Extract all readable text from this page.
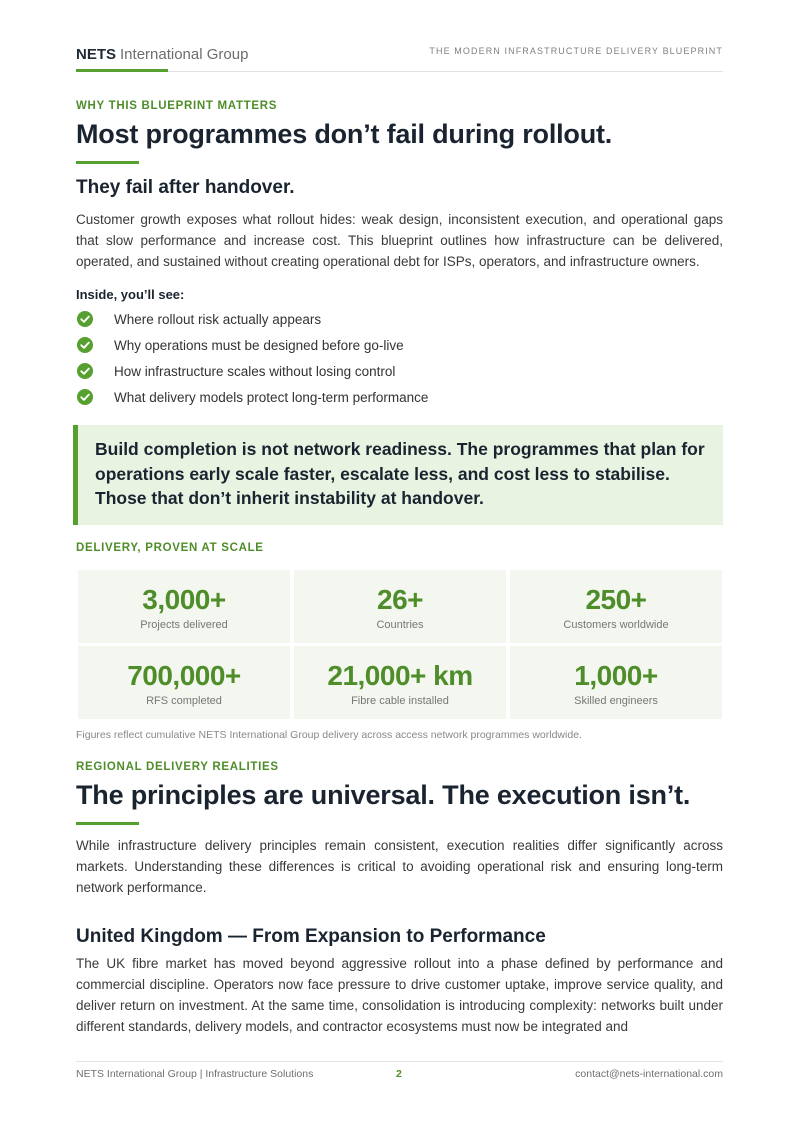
NETS International Group	THE MODERN INFRASTRUCTURE DELIVERY BLUEPRINT
WHY THIS BLUEPRINT MATTERS
Most programmes don’t fail during rollout.
They fail after handover.

Customer growth exposes what rollout hides: weak design, inconsistent execution, and operational gaps that slow performance and increase cost. This blueprint outlines how infrastructure can be delivered, operated, and sustained without creating operational debt for ISPs, operators, and infrastructure owners.

Inside, you’ll see:
Where rollout risk actually appears
Why operations must be designed before go-live
How infrastructure scales without losing control
What delivery models protect long-term performance

Build completion is not network readiness. The programmes that plan for operations early scale faster, escalate less, and cost less to stabilise. Those that don’t inherit instability at handover.

DELIVERY, PROVEN AT SCALE
3,000+
Projects delivered
26+
Countries
250+
Customers worldwide
700,000+
RFS completed
21,000+ km
Fibre cable installed
1,000+
Skilled engineers
Figures reflect cumulative NETS International Group delivery across access network programmes worldwide.
REGIONAL DELIVERY REALITIES
The principles are universal. The execution isn’t.

While infrastructure delivery principles remain consistent, execution realities differ significantly across markets. Understanding these differences is critical to avoiding operational risk and ensuring long-term network performance.

United Kingdom — From Expansion to Performance

The UK fibre market has moved beyond aggressive rollout into a phase defined by performance and commercial discipline. Operators now face pressure to drive customer uptake, improve service quality, and deliver return on investment. At the same time, consolidation is introducing complexity: networks built under different standards, delivery models, and contractor ecosystems must now be integrated and

NETS International Group | Infrastructure Solutions	2	contact@nets-international.com
